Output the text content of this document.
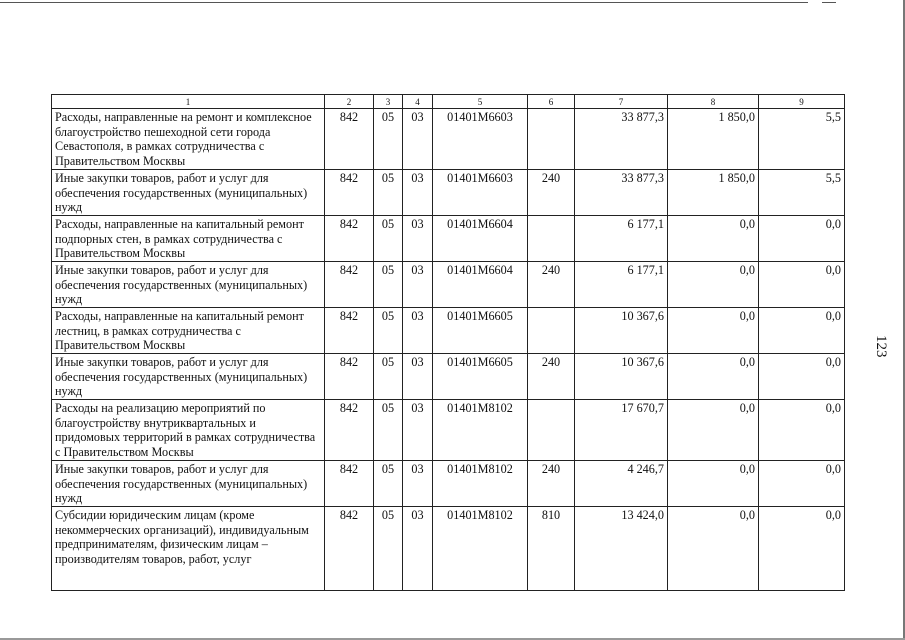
123
1	2	3	4	5	6	7	8	9
Расходы, направленные на ремонт и комплексное благоустройство пешеходной сети города Севастополя, в рамках сотрудничества с Правительством Москвы	842	05	03	01401M6603		33 877,3	1 850,0	5,5
Иные закупки товаров, работ и услуг для обеспечения государственных (муниципальных) нужд	842	05	03	01401M6603	240	33 877,3	1 850,0	5,5
Расходы, направленные на капитальный ремонт подпорных стен, в рамках сотрудничества с Правительством Москвы	842	05	03	01401M6604		6 177,1	0,0	0,0
Иные закупки товаров, работ и услуг для обеспечения государственных (муниципальных) нужд	842	05	03	01401M6604	240	6 177,1	0,0	0,0
Расходы, направленные на капитальный ремонт лестниц, в рамках сотрудничества с Правительством Москвы	842	05	03	01401M6605		10 367,6	0,0	0,0
Иные закупки товаров, работ и услуг для обеспечения государственных (муниципальных) нужд	842	05	03	01401M6605	240	10 367,6	0,0	0,0
Расходы на реализацию мероприятий по благоустройству внутриквартальных и придомовых территорий в рамках сотрудничества с Правительством Москвы	842	05	03	01401M8102		17 670,7	0,0	0,0
Иные закупки товаров, работ и услуг для обеспечения государственных (муниципальных) нужд	842	05	03	01401M8102	240	4 246,7	0,0	0,0
Субсидии юридическим лицам (кроме некоммерческих организаций), индивидуальным предпринимателям, физическим лицам – производителям товаров, работ, услуг	842	05	03	01401M8102	810	13 424,0	0,0	0,0
